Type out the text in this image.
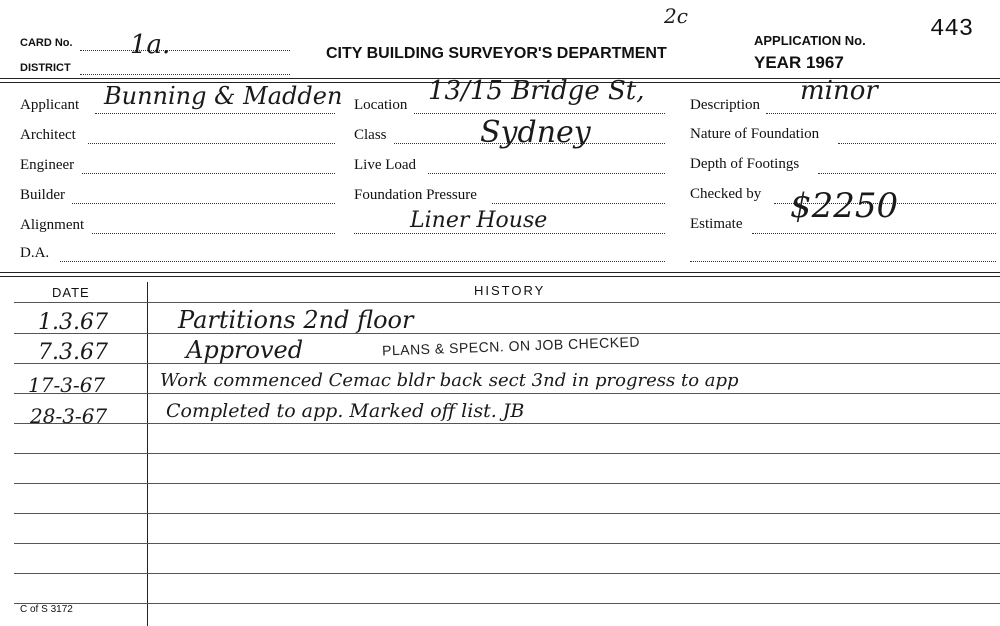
CARD No. 1a.
DISTRICT
CITY BUILDING SURVEYOR'S DEPARTMENT
2c
APPLICATION No.	443
YEAR 1967
Applicant Bunning & Madden
Architect
Engineer
Builder
Alignment
D.A.
Location 13/15 Bridge St,
Sydney
Class
Live Load
Foundation Pressure
Liner House
Description minor
Nature of Foundation
Depth of Footings
Checked by
Estimate $2250
DATE	HISTORY
1.3.67	Partitions 2nd floor
7.3.67	Approved	PLANS & SPECN. ON JOB CHECKED
17-3-67	Work commenced Cemac bldr back sect 3nd in progress to app
28-3-67	Completed to app. Marked off list. JB
C of S 3172
